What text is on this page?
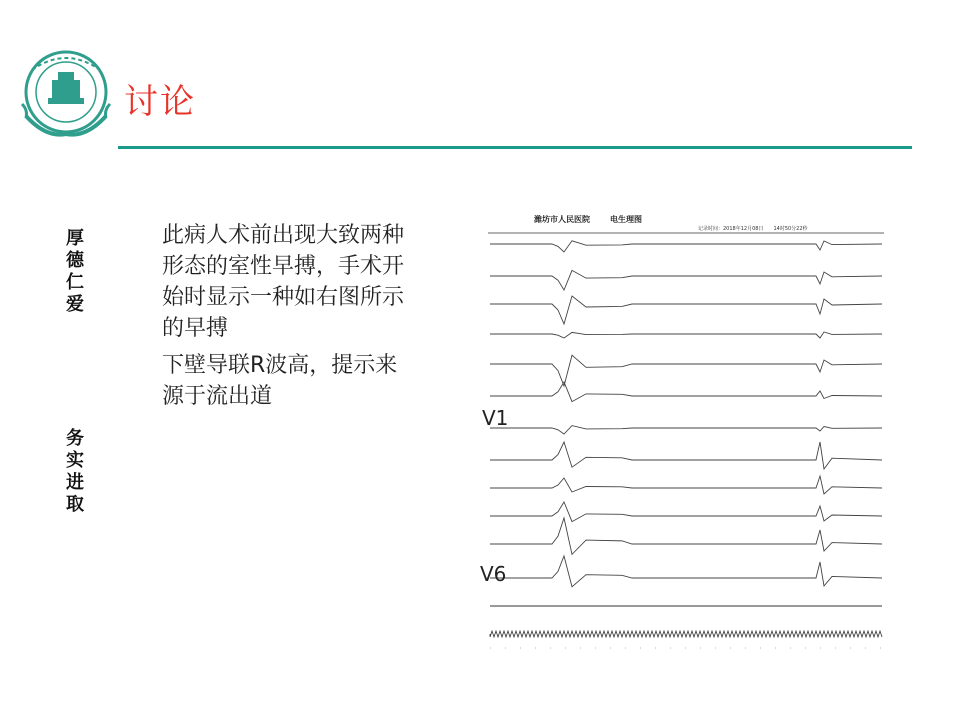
讨论
厚
德
仁
爱
务
实
进
取

此病人术前出现大致两种形态的室性早搏，手术开始时显示一种如右图所示的早搏

下壁导联R波高，提示来源于流出道

潍坊市人民医院	电生理图
记录时间：2018年12月08日　　14时50分22秒
V1
V6
